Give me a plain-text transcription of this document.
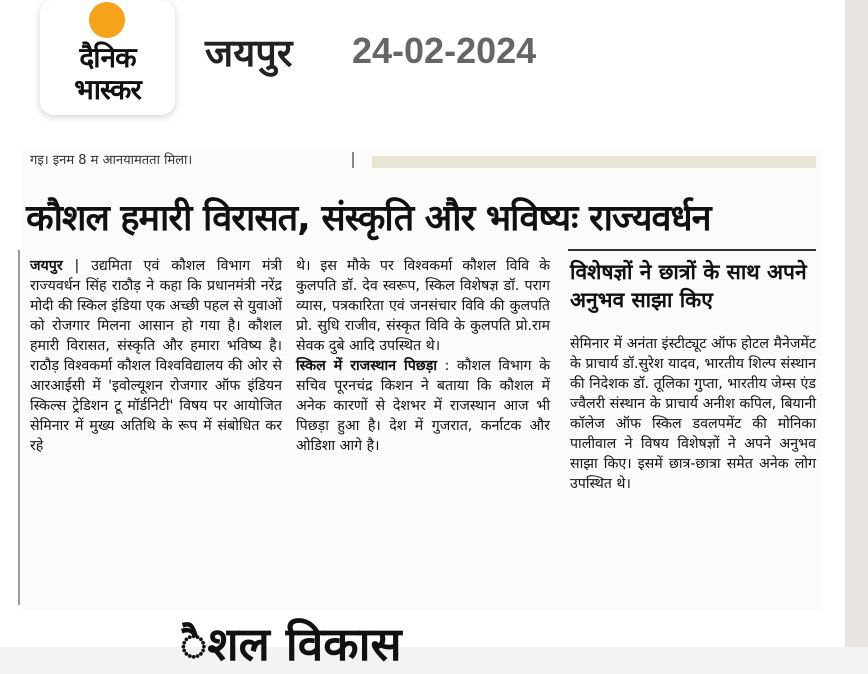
दैनिक
भास्कर
जयपुर 24-02-2024
गइ। इनम 8 म आनयामतता मिला।
कौशल हमारी विरासत, संस्कृति और भविष्यः राज्यवर्धन
जयपुर | उद्यमिता एवं कौशल विभाग मंत्री राज्यवर्धन सिंह राठौड़ ने कहा कि प्रधानमंत्री नरेंद्र मोदी की स्किल इंडिया एक अच्छी पहल से युवाओं को रोजगार मिलना आसान हो गया है। कौशल हमारी विरासत, संस्कृति और हमारा भविष्य है। राठौड़ विश्वकर्मा कौशल विश्वविद्यालय की ओर से आरआईसी में 'इवोल्यूशन रोजगार ऑफ इंडियन स्किल्स ट्रेडिशन टू मॉर्डनिटी' विषय पर आयोजित सेमिनार में मुख्य अतिथि के रूप में संबोधित कर रहे
थे। इस मौके पर विश्वकर्मा कौशल विवि के कुलपति डॉ. देव स्वरूप, स्किल विशेषज्ञ डॉ. पराग व्यास, पत्रकारिता एवं जनसंचार विवि की कुलपति प्रो. सुधि राजीव, संस्कृत विवि के कुलपति प्रो.राम सेवक दुबे आदि उपस्थित थे।
स्किल में राजस्थान पिछड़ा : कौशल विभाग के सचिव पूरनचंद्र किशन ने बताया कि कौशल में अनेक कारणों से देशभर में राजस्थान आज भी पिछड़ा हुआ है। देश में गुजरात, कर्नाटक और ओडिशा आगे है।
विशेषज्ञों ने छात्रों के साथ अपने अनुभव साझा किए
सेमिनार में अनंता इंस्टीट्यूट ऑफ होटल मैनेजमेंट के प्राचार्य डॉ.सुरेश यादव, भारतीय शिल्प संस्थान की निदेशक डॉ. तूलिका गुप्ता, भारतीय जेम्स एंड ज्वैलरी संस्थान के प्राचार्य अनीश कपिल, बियानी कॉलेज ऑफ स्किल डवलपमेंट की मोनिका पालीवाल ने विषय विशेषज्ञों ने अपने अनुभव साझा किए। इसमें छात्र-छात्रा समेत अनेक लोग उपस्थित थे।
ैशल विकास
